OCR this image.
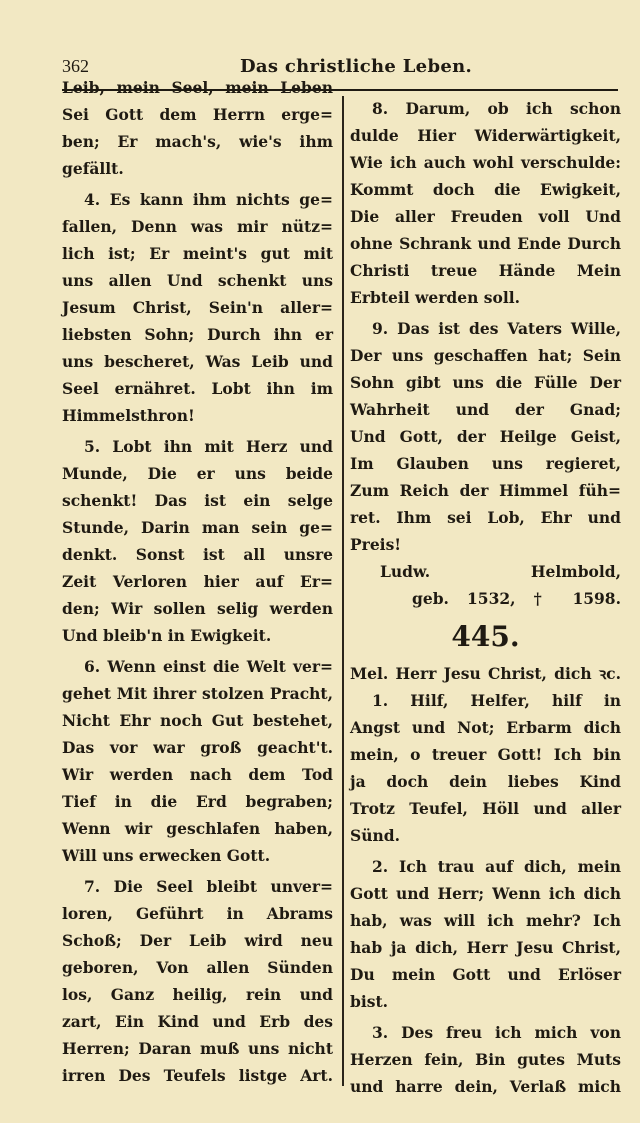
362	Das christliche Leben.
Leib, mein Seel, mein Leben
Sei Gott dem Herrn erge=
ben; Er mach's, wie's ihm
gefällt.
4. Es kann ihm nichts ge=
fallen, Denn was mir nütz=
lich ist; Er meint's gut mit
uns allen Und schenkt uns
Jesum Christ, Sein'n aller=
liebsten Sohn; Durch ihn er
uns bescheret, Was Leib und
Seel ernähret. Lobt ihn im
Himmelsthron!
5. Lobt ihn mit Herz und
Munde, Die er uns beide
schenkt! Das ist ein selge
Stunde, Darin man sein ge=
denkt. Sonst ist all unsre
Zeit Verloren hier auf Er=
den; Wir sollen selig werden
Und bleib'n in Ewigkeit.
6. Wenn einst die Welt ver=
gehet Mit ihrer stolzen Pracht,
Nicht Ehr noch Gut bestehet,
Das vor war groß geacht't.
Wir werden nach dem Tod
Tief in die Erd begraben;
Wenn wir geschlafen haben,
Will uns erwecken Gott.
7. Die Seel bleibt unver=
loren, Geführt in Abrams
Schoß; Der Leib wird neu
geboren, Von allen Sünden
los, Ganz heilig, rein und
zart, Ein Kind und Erb des
Herren; Daran muß uns nicht
irren Des Teufels listge Art.
8. Darum, ob ich schon
dulde Hier Widerwärtigkeit,
Wie ich auch wohl verschulde:
Kommt doch die Ewigkeit,
Die aller Freuden voll Und
ohne Schrank und Ende Durch
Christi treue Hände Mein
Erbteil werden soll.
9. Das ist des Vaters Wille,
Der uns geschaffen hat; Sein
Sohn gibt uns die Fülle Der
Wahrheit und der Gnad;
Und Gott, der Heilge Geist,
Im Glauben uns regieret,
Zum Reich der Himmel füh=
ret. Ihm sei Lob, Ehr und
Preis!
Ludw. Helmbold,
geb. 1532, † 1598.
445.
Mel. Herr Jesu Christ, dich ꝛc.
1. Hilf, Helfer, hilf in
Angst und Not; Erbarm dich
mein, o treuer Gott! Ich bin
ja doch dein liebes Kind
Trotz Teufel, Höll und aller
Sünd.
2. Ich trau auf dich, mein
Gott und Herr; Wenn ich dich
hab, was will ich mehr? Ich
hab ja dich, Herr Jesu Christ,
Du mein Gott und Erlöser
bist.
3. Des freu ich mich von
Herzen fein, Bin gutes Muts
und harre dein, Verlaß mich
